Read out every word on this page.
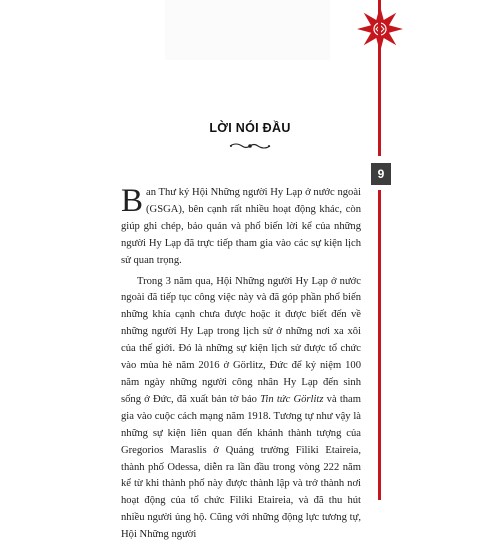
9
LỜI NÓI ĐẦU

B an Thư ký Hội Những người Hy Lạp ở nước ngoài (GSGA), bên cạnh rất nhiều hoạt động khác, còn giúp ghi chép, bảo quản và phổ biến lời kể của những người Hy Lạp đã trực tiếp tham gia vào các sự kiện lịch sử quan trọng.

Trong 3 năm qua, Hội Những người Hy Lạp ở nước ngoài đã tiếp tục công việc này và đã góp phần phổ biến những khía cạnh chưa được hoặc ít được biết đến về những người Hy Lạp trong lịch sử ở những nơi xa xôi của thế giới. Đó là những sự kiện lịch sử được tổ chức vào mùa hè năm 2016 ở Görlitz, Đức để kỷ niệm 100 năm ngày những người công nhân Hy Lạp đến sinh sống ở Đức, đã xuất bản tờ báo Tin tức Görlitz và tham gia vào cuộc cách mạng năm 1918. Tương tự như vậy là những sự kiện liên quan đến khánh thành tượng của Gregorios Maraslis ở Quảng trường Filiki Etaireia, thành phố Odessa, diễn ra lần đầu trong vòng 222 năm kể từ khi thành phố này được thành lập và trở thành nơi hoạt động của tổ chức Filiki Etaireia, và đã thu hút nhiều người ủng hộ. Cũng với những động lực tương tự, Hội Những người
